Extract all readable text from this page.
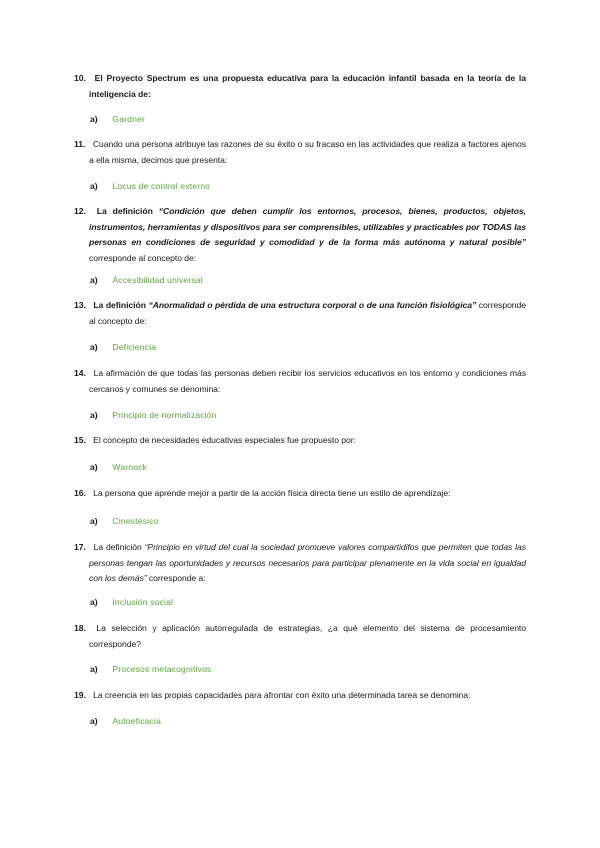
10. El Proyecto Spectrum es una propuesta educativa para la educación infantil basada en la teoría de la inteligencia de:
a) Gardner
11. Cuando una persona atribuye las razones de su éxito o su fracaso en las actividades que realiza a factores ajenos a ella misma, decimos que presenta:
a) Locus de control externo
12. La definición “Condición que deben cumplir los entornos, procesos, bienes, productos, objetos, instrumentos, herramientas y dispositivos para ser comprensibles, utilizables y practicables por TODAS las personas en condiciones de seguridad y comodidad y de la forma más autónoma y natural posible” corresponde al concepto de:
a) Accesibilidad universal
13. La definición “Anormalidad o pérdida de una estructura corporal o de una función fisiológica” corresponde al concepto de:
a) Deficiencia
14. La afirmación de que todas las personas deben recibir los servicios educativos en los entorno y condiciones más cercanos y comunes se denomina:
a) Principio de normalización
15. El concepto de necesidades educativas especiales fue propuesto por:
a) Warnock
16. La persona que aprende mejor a partir de la acción física directa tiene un estilo de aprendizaje:
a) Cinestésico
17. La definición “Principio en virtud del cual la sociedad promueve valores compartidifos que permiten que todas las personas tengan las oportunidades y recursos necesarios para participar plenamente en la vida social en igualdad con los demás” corresponde a:
a) Inclusión social
18. La selección y aplicación autorregulada de estrategias, ¿a qué elemento del sistema de procesamiento corresponde?
a) Procesos metacognitivos
19. La creencia en las propias capacidades para afrontar con éxito una determinada tarea se denomina:
a) Autoeficacia
